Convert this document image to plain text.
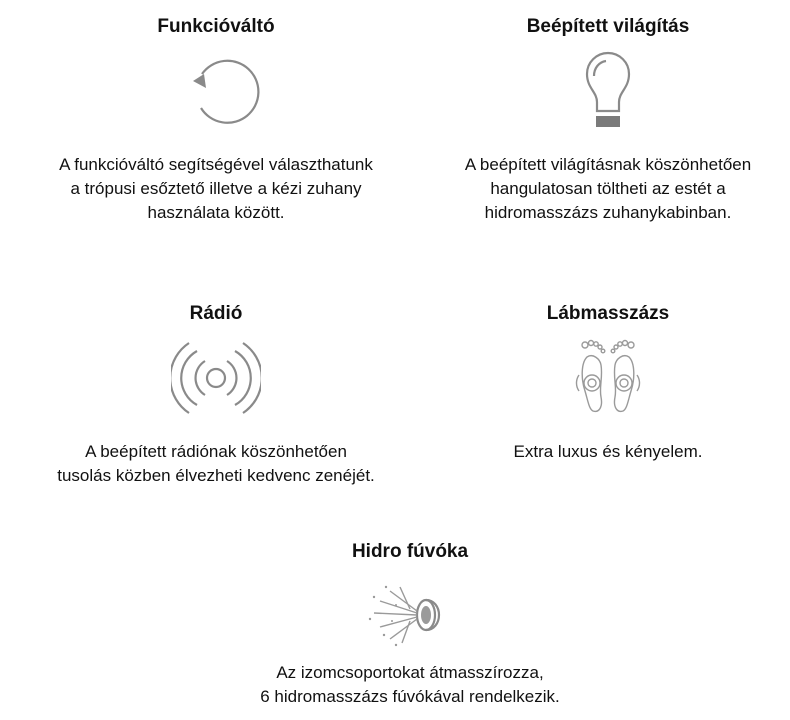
Funkcióváltó

A funkcióváltó segítségével választhatunk
a trópusi esőztető illetve a kézi zuhany
használata között.

Beépített világítás

A beépített világításnak köszönhetően
hangulatosan töltheti az estét a
hidromasszázs zuhanykabinban.

Rádió

A beépített rádiónak köszönhetően
tusolás közben élvezheti kedvenc zenéjét.

Lábmasszázs

Extra luxus és kényelem.

Hidro fúvóka

Az izomcsoportokat átmasszírozza,
6 hidromasszázs fúvókával rendelkezik.
